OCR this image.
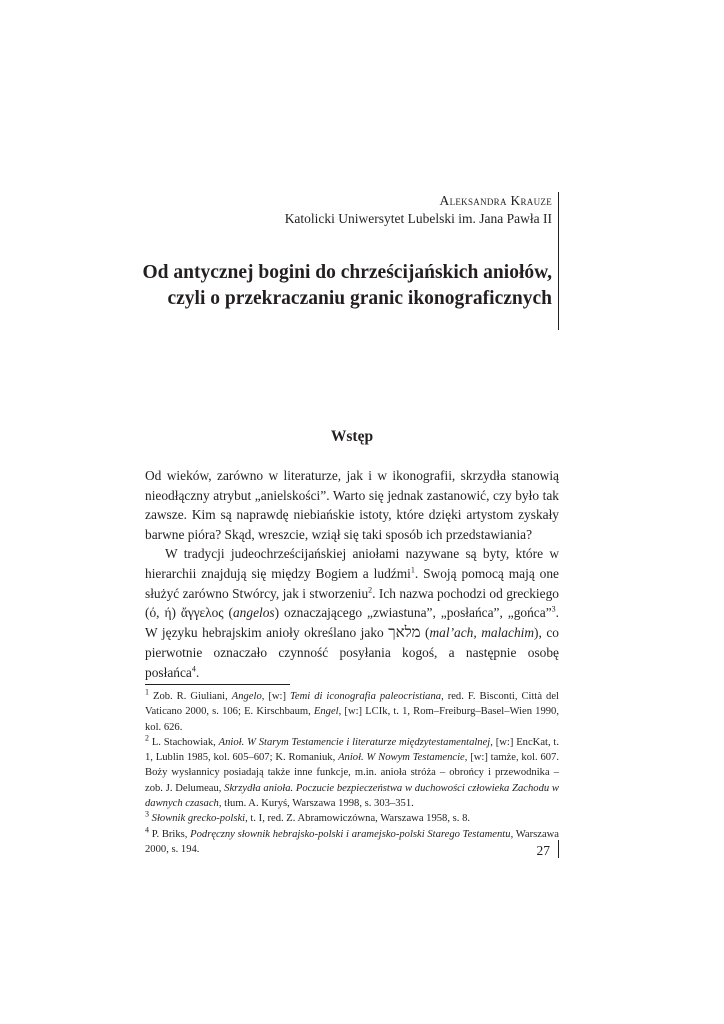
Aleksandra Krauze
Katolicki Uniwersytet Lubelski im. Jana Pawła II
Od antycznej bogini do chrześcijańskich aniołów,
czyli o przekraczaniu granic ikonograficznych
Wstęp

Od wieków, zarówno w literaturze, jak i w ikonografii, skrzydła stanowią nieodłączny atrybut „anielskości”. Warto się jednak zastanowić, czy było tak zawsze. Kim są naprawdę niebiańskie istoty, które dzięki artystom zyskały barwne pióra? Skąd, wreszcie, wziął się taki sposób ich przedstawiania?

W tradycji judeochrześcijańskiej aniołami nazywane są byty, które w hierarchii znajdują się między Bogiem a ludźmi$^1$. Swoją pomocą mają one służyć zarówno Stwórcy, jak i stworzeniu$^2$. Ich nazwa pochodzi od greckiego (ό, ή) ἄγγελος (angelos) oznaczającego „zwiastuna”, „posłańca”, „gońca”$^3$. W języku hebrajskim anioły określano jako מלאך (mal’ach, malachim), co pierwotnie oznaczało czynność posyłania kogoś, a następnie osobę posłańca$^4$.

$^1$ Zob. R. Giuliani, Angelo, [w:] Temi di iconografia paleocristiana, red. F. Bisconti, Città del Vaticano 2000, s. 106; E. Kirschbaum, Engel, [w:] LCIk, t. 1, Rom–Freiburg–Basel–Wien 1990, kol. 626.

$^2$ L. Stachowiak, Anioł. W Starym Testamencie i literaturze międzytestamentalnej, [w:] EncKat, t. 1, Lublin 1985, kol. 605–607; K. Romaniuk, Anioł. W Nowym Testamencie, [w:] tamże, kol. 607. Boży wysłannicy posiadają także inne funkcje, m.in. anioła stróża – obrońcy i przewodnika – zob. J. Delumeau, Skrzydła anioła. Poczucie bezpieczeństwa w duchowości człowieka Zachodu w dawnych czasach, tłum. A. Kuryś, Warszawa 1998, s. 303–351.

$^3$ Słownik grecko-polski, t. I, red. Z. Abramowiczówna, Warszawa 1958, s. 8.

$^4$ P. Briks, Podręczny słownik hebrajsko-polski i aramejsko-polski Starego Testamentu, Warszawa 2000, s. 194.	27
